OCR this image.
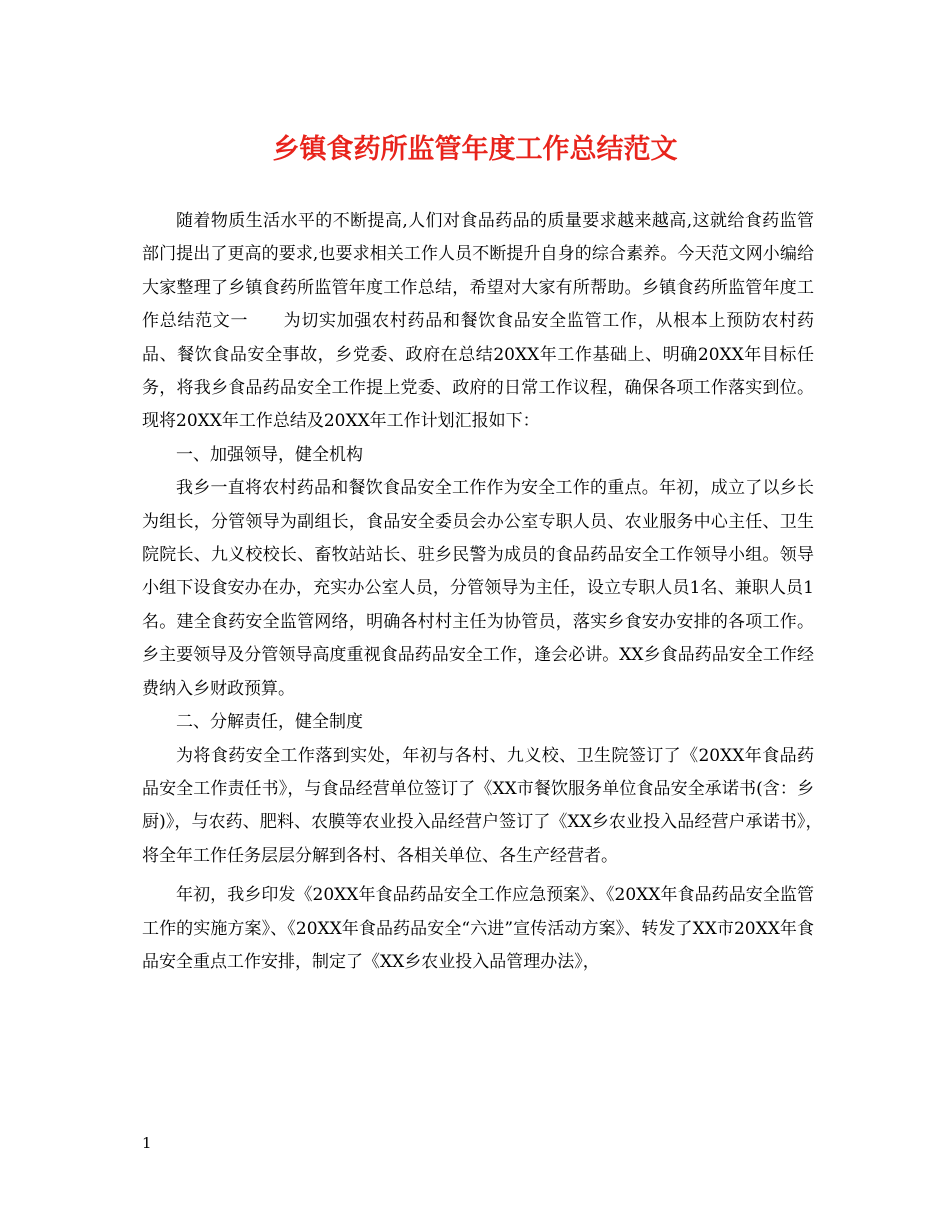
乡镇食药所监管年度工作总结范文

随着物质生活水平的不断提高,人们对食品药品的质量要求越来越高,这就给食药监管部门提出了更高的要求,也要求相关工作人员不断提升自身的综合素养。今天范文网小编给大家整理了乡镇食药所监管年度工作总结，希望对大家有所帮助。乡镇食药所监管年度工作总结范文一　　为切实加强农村药品和餐饮食品安全监管工作，从根本上预防农村药品、餐饮食品安全事故，乡党委、政府在总结20XX年工作基础上、明确20XX年目标任务，将我乡食品药品安全工作提上党委、政府的日常工作议程，确保各项工作落实到位。现将20XX年工作总结及20XX年工作计划汇报如下：

一、加强领导，健全机构

我乡一直将农村药品和餐饮食品安全工作作为安全工作的重点。年初，成立了以乡长为组长，分管领导为副组长，食品安全委员会办公室专职人员、农业服务中心主任、卫生院院长、九义校校长、畜牧站站长、驻乡民警为成员的食品药品安全工作领导小组。领导小组下设食安办在办，充实办公室人员，分管领导为主任，设立专职人员1名、兼职人员1名。建全食药安全监管网络，明确各村村主任为协管员，落实乡食安办安排的各项工作。乡主要领导及分管领导高度重视食品药品安全工作，逢会必讲。XX乡食品药品安全工作经费纳入乡财政预算。

二、分解责任，健全制度

为将食药安全工作落到实处，年初与各村、九义校、卫生院签订了《20XX年食品药品安全工作责任书》，与食品经营单位签订了《XX市餐饮服务单位食品安全承诺书(含：乡厨)》，与农药、肥料、农膜等农业投入品经营户签订了《XX乡农业投入品经营户承诺书》，　将全年工作任务层层分解到各村、各相关单位、各生产经营者。

年初，我乡印发《20XX年食品药品安全工作应急预案》、《20XX年食品药品安全监管工作的实施方案》、《20XX年食品药品安全“六进”宣传活动方案》、转发了XX市20XX年食品安全重点工作安排，制定了《XX乡农业投入品管理办法》，

1
